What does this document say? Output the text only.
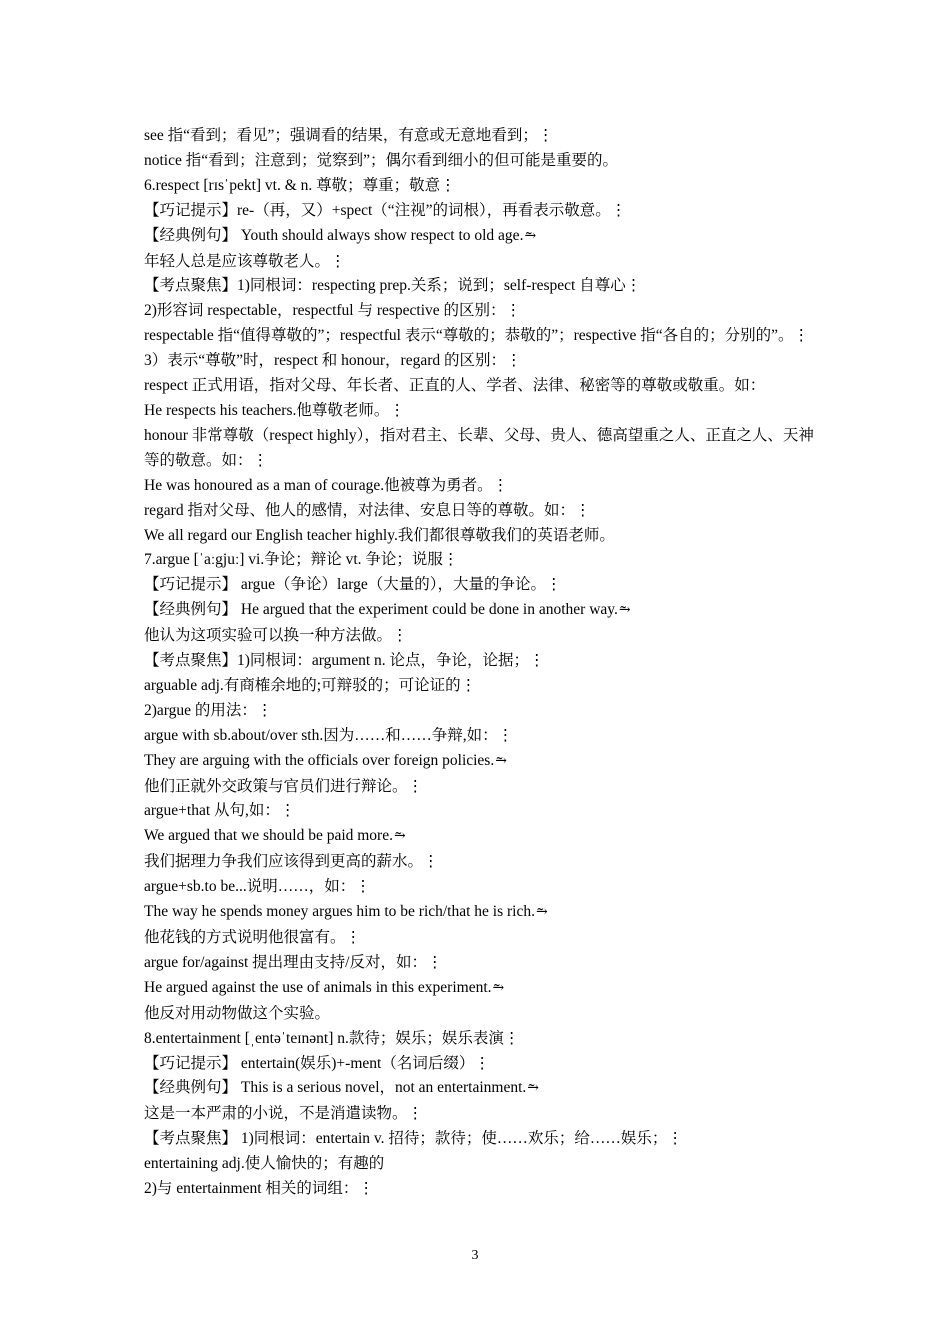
see 指“看到；看见”；强调看的结果，有意或无意地看到；⋮
notice 指“看到；注意到；觉察到”；偶尔看到细小的但可能是重要的。
6.respect [rɪsˈpekt] vt. & n. 尊敬；尊重；敬意⋮
【巧记提示】re-（再，又）+spect（“注视”的词根），再看表示敬意。⋮
【经典例句】 Youth should always show respect to old age.⥲
年轻人总是应该尊敬老人。⋮
【考点聚焦】1)同根词：respecting prep.关系；说到；self-respect 自尊心⋮
2)形容词 respectable，respectful 与 respective 的区别：⋮
respectable 指“值得尊敬的”；respectful 表示“尊敬的；恭敬的”；respective 指“各自的；分别的”。⋮
3）表示“尊敬”时，respect 和 honour，regard 的区别：⋮
respect 正式用语，指对父母、年长者、正直的人、学者、法律、秘密等的尊敬或敬重。如：
He respects his teachers.他尊敬老师。⋮
honour 非常尊敬（respect highly），指对君主、长辈、父母、贵人、德高望重之人、正直之人、天神等的敬意。如：⋮
He was honoured as a man of courage.他被尊为勇者。⋮
regard 指对父母、他人的感情，对法律、安息日等的尊敬。如：⋮
We all regard our English teacher highly.我们都很尊敬我们的英语老师。
7.argue [ˈaːgjuː] vi.争论；辩论 vt. 争论；说服⋮
【巧记提示】 argue（争论）large（大量的），大量的争论。⋮
【经典例句】 He argued that the experiment could be done in another way.⥲
他认为这项实验可以换一种方法做。⋮
【考点聚焦】1)同根词：argument n. 论点，争论，论据；⋮
arguable adj.有商榷余地的;可辩驳的；可论证的⋮
2)argue 的用法：⋮
argue with sb.about/over sth.因为……和……争辩,如：⋮
They are arguing with the officials over foreign policies.⥲
他们正就外交政策与官员们进行辩论。⋮
argue+that 从句,如：⋮
We argued that we should be paid more.⥲
我们据理力争我们应该得到更高的薪水。⋮
argue+sb.to be...说明……，如：⋮
The way he spends money argues him to be rich/that he is rich.⥲
他花钱的方式说明他很富有。⋮
argue for/against 提出理由支持/反对，如：⋮
He argued against the use of animals in this experiment.⥲
他反对用动物做这个实验。
8.entertainment [ˌentəˈteɪnənt] n.款待；娱乐；娱乐表演⋮
【巧记提示】 entertain(娱乐)+-ment（名词后缀）⋮
【经典例句】 This is a serious novel，not an entertainment.⥲
这是一本严肃的小说，不是消遣读物。⋮
【考点聚焦】 1)同根词：entertain v. 招待；款待；使……欢乐；给……娱乐；⋮
entertaining adj.使人愉快的；有趣的
2)与 entertainment 相关的词组：⋮
3
